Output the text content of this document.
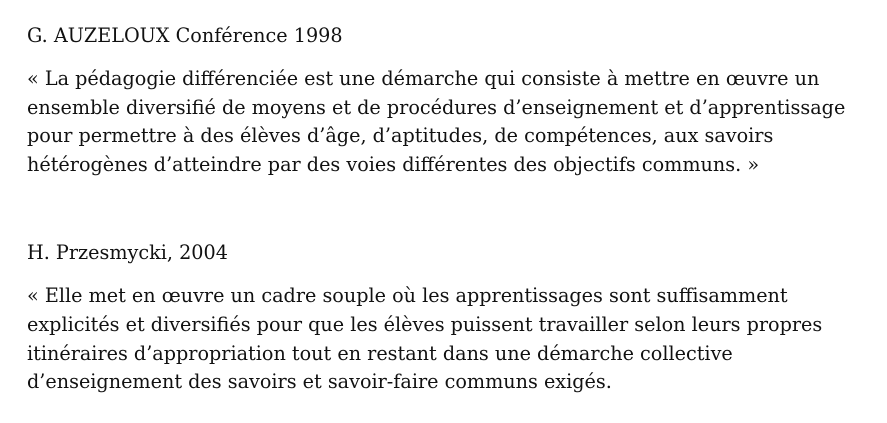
G. AUZELOUX Conférence 1998

« La pédagogie différenciée est une démarche qui consiste à mettre en œuvre un ensemble diversifié de moyens et de procédures d’enseignement et d’apprentissage pour permettre à des élèves d’âge, d’aptitudes, de compétences, aux savoirs hétérogènes d’atteindre par des voies différentes des objectifs communs. »

H. Przesmycki, 2004

« Elle met en œuvre un cadre souple où les apprentissages sont suffisamment explicités et diversifiés pour que les élèves puissent travailler selon leurs propres itinéraires d’appropriation tout en restant dans une démarche collective d’enseignement des savoirs et savoir-faire communs exigés.
